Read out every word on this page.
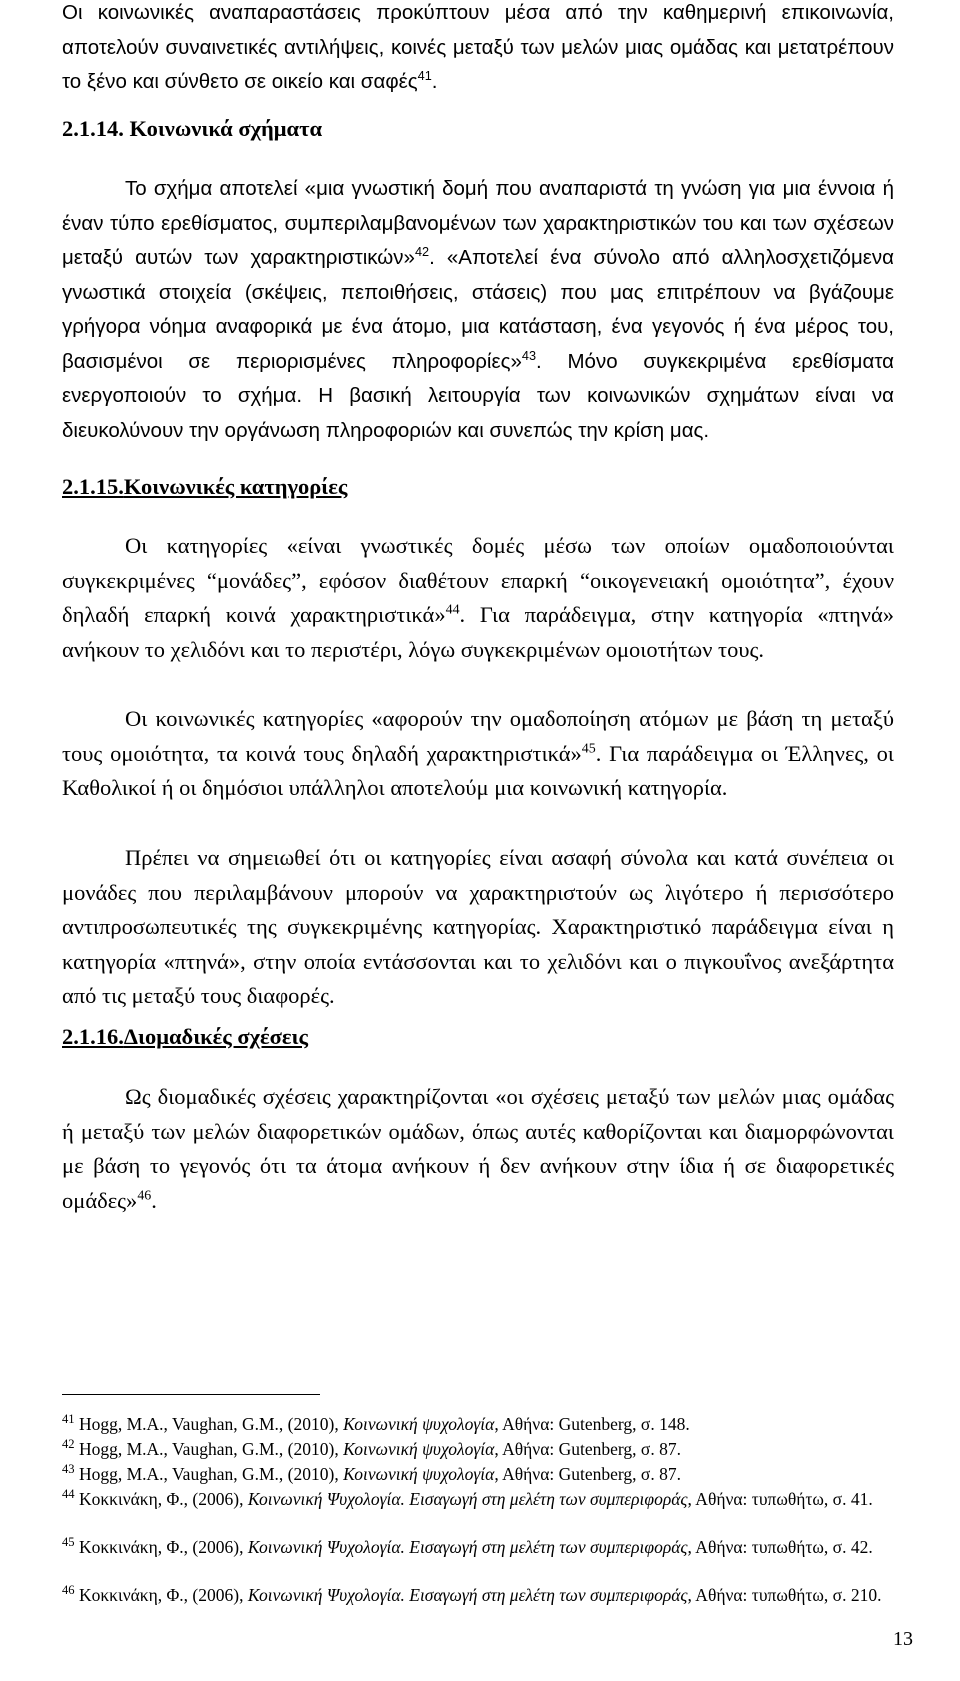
Οι κοινωνικές αναπαραστάσεις προκύπτουν μέσα από την καθημερινή επικοινωνία, αποτελούν συναινετικές αντιλήψεις, κοινές μεταξύ των μελών μιας ομάδας και μετατρέπουν το ξένο και σύνθετο σε οικείο και σαφές$^{41}$.

2.1.14. Κοινωνικά σχήματα

Το σχήμα αποτελεί «μια γνωστική δομή που αναπαριστά τη γνώση για μια έννοια ή έναν τύπο ερεθίσματος, συμπεριλαμβανομένων των χαρακτηριστικών του και των σχέσεων μεταξύ αυτών των χαρακτηριστικών»$^{42}$. «Αποτελεί ένα σύνολο από αλληλοσχετιζόμενα γνωστικά στοιχεία (σκέψεις, πεποιθήσεις, στάσεις) που μας επιτρέπουν να βγάζουμε γρήγορα νόημα αναφορικά με ένα άτομο, μια κατάσταση, ένα γεγονός ή ένα μέρος του, βασισμένοι σε περιορισμένες πληροφορίες»$^{43}$. Μόνο συγκεκριμένα ερεθίσματα ενεργοποιούν το σχήμα. Η βασική λειτουργία των κοινωνικών σχημάτων είναι να διευκολύνουν την οργάνωση πληροφοριών και συνεπώς την κρίση μας.

2.1.15.Κοινωνικές κατηγορίες

Οι κατηγορίες «είναι γνωστικές δομές μέσω των οποίων ομαδοποιούνται συγκεκριμένες “μονάδες”, εφόσον διαθέτουν επαρκή “οικογενειακή ομοιότητα”, έχουν δηλαδή επαρκή κοινά χαρακτηριστικά»$^{44}$. Για παράδειγμα, στην κατηγορία «πτηνά» ανήκουν το χελιδόνι και το περιστέρι, λόγω συγκεκριμένων ομοιοτήτων τους.

Οι κοινωνικές κατηγορίες «αφορούν την ομαδοποίηση ατόμων με βάση τη μεταξύ τους ομοιότητα, τα κοινά τους δηλαδή χαρακτηριστικά»$^{45}$. Για παράδειγμα οι Έλληνες, οι Καθολικοί ή οι δημόσιοι υπάλληλοι αποτελούμ μια κοινωνική κατηγορία.

Πρέπει να σημειωθεί ότι οι κατηγορίες είναι ασαφή σύνολα και κατά συνέπεια οι μονάδες που περιλαμβάνουν μπορούν να χαρακτηριστούν ως λιγότερο ή περισσότερο αντιπροσωπευτικές της συγκεκριμένης κατηγορίας. Χαρακτηριστικό παράδειγμα είναι η κατηγορία «πτηνά», στην οποία εντάσσονται και το χελιδόνι και ο πιγκουΐνος ανεξάρτητα από τις μεταξύ τους διαφορές.

2.1.16.Διομαδικές σχέσεις

Ως διομαδικές σχέσεις χαρακτηρίζονται «οι σχέσεις μεταξύ των μελών μιας ομάδας ή μεταξύ των μελών διαφορετικών ομάδων, όπως αυτές καθορίζονται και διαμορφώνονται με βάση το γεγονός ότι τα άτομα ανήκουν ή δεν ανήκουν στην ίδια ή σε διαφορετικές ομάδες»$^{46}$.

$^{41}$ Hogg, M.A., Vaughan, G.M., (2010), Κοινωνική ψυχολογία, Αθήνα: Gutenberg, σ. 148.

$^{42}$ Hogg, M.A., Vaughan, G.M., (2010), Κοινωνική ψυχολογία, Αθήνα: Gutenberg, σ. 87.

$^{43}$ Hogg, M.A., Vaughan, G.M., (2010), Κοινωνική ψυχολογία, Αθήνα: Gutenberg, σ. 87.

$^{44}$ Κοκκινάκη, Φ., (2006), Κοινωνική Ψυχολογία. Εισαγωγή στη μελέτη των συμπεριφοράς, Αθήνα: τυπωθήτω, σ. 41.

$^{45}$ Κοκκινάκη, Φ., (2006), Κοινωνική Ψυχολογία. Εισαγωγή στη μελέτη των συμπεριφοράς, Αθήνα: τυπωθήτω, σ. 42.

$^{46}$ Κοκκινάκη, Φ., (2006), Κοινωνική Ψυχολογία. Εισαγωγή στη μελέτη των συμπεριφοράς, Αθήνα: τυπωθήτω, σ. 210.

13
